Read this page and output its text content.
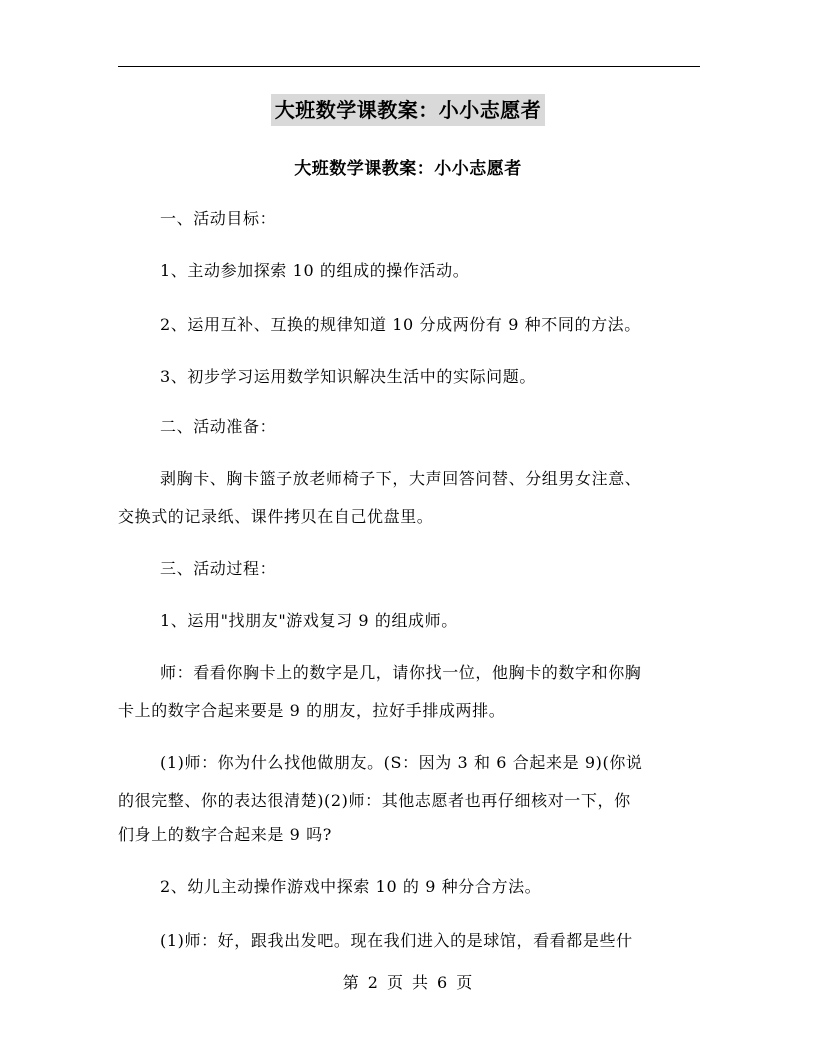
大班数学课教案：小小志愿者
大班数学课教案：小小志愿者
一、活动目标：
1、主动参加探索 10 的组成的操作活动。
2、运用互补、互换的规律知道 10 分成两份有 9 种不同的方法。
3、初步学习运用数学知识解决生活中的实际问题。
二、活动准备：
剥胸卡、胸卡篮子放老师椅子下，大声回答问替、分组男女注意、
交换式的记录纸、课件拷贝在自己优盘里。
三、活动过程：
1、运用"找朋友"游戏复习 9 的组成师。
师：看看你胸卡上的数字是几，请你找一位，他胸卡的数字和你胸
卡上的数字合起来要是 9 的朋友，拉好手排成两排。
(1)师：你为什么找他做朋友。(S：因为 3 和 6 合起来是 9)(你说
的很完整、你的表达很清楚)(2)师：其他志愿者也再仔细核对一下，你
们身上的数字合起来是 9 吗?
2、幼儿主动操作游戏中探索 10 的 9 种分合方法。
(1)师：好，跟我出发吧。现在我们进入的是球馆，看看都是些什
第 2 页 共 6 页
